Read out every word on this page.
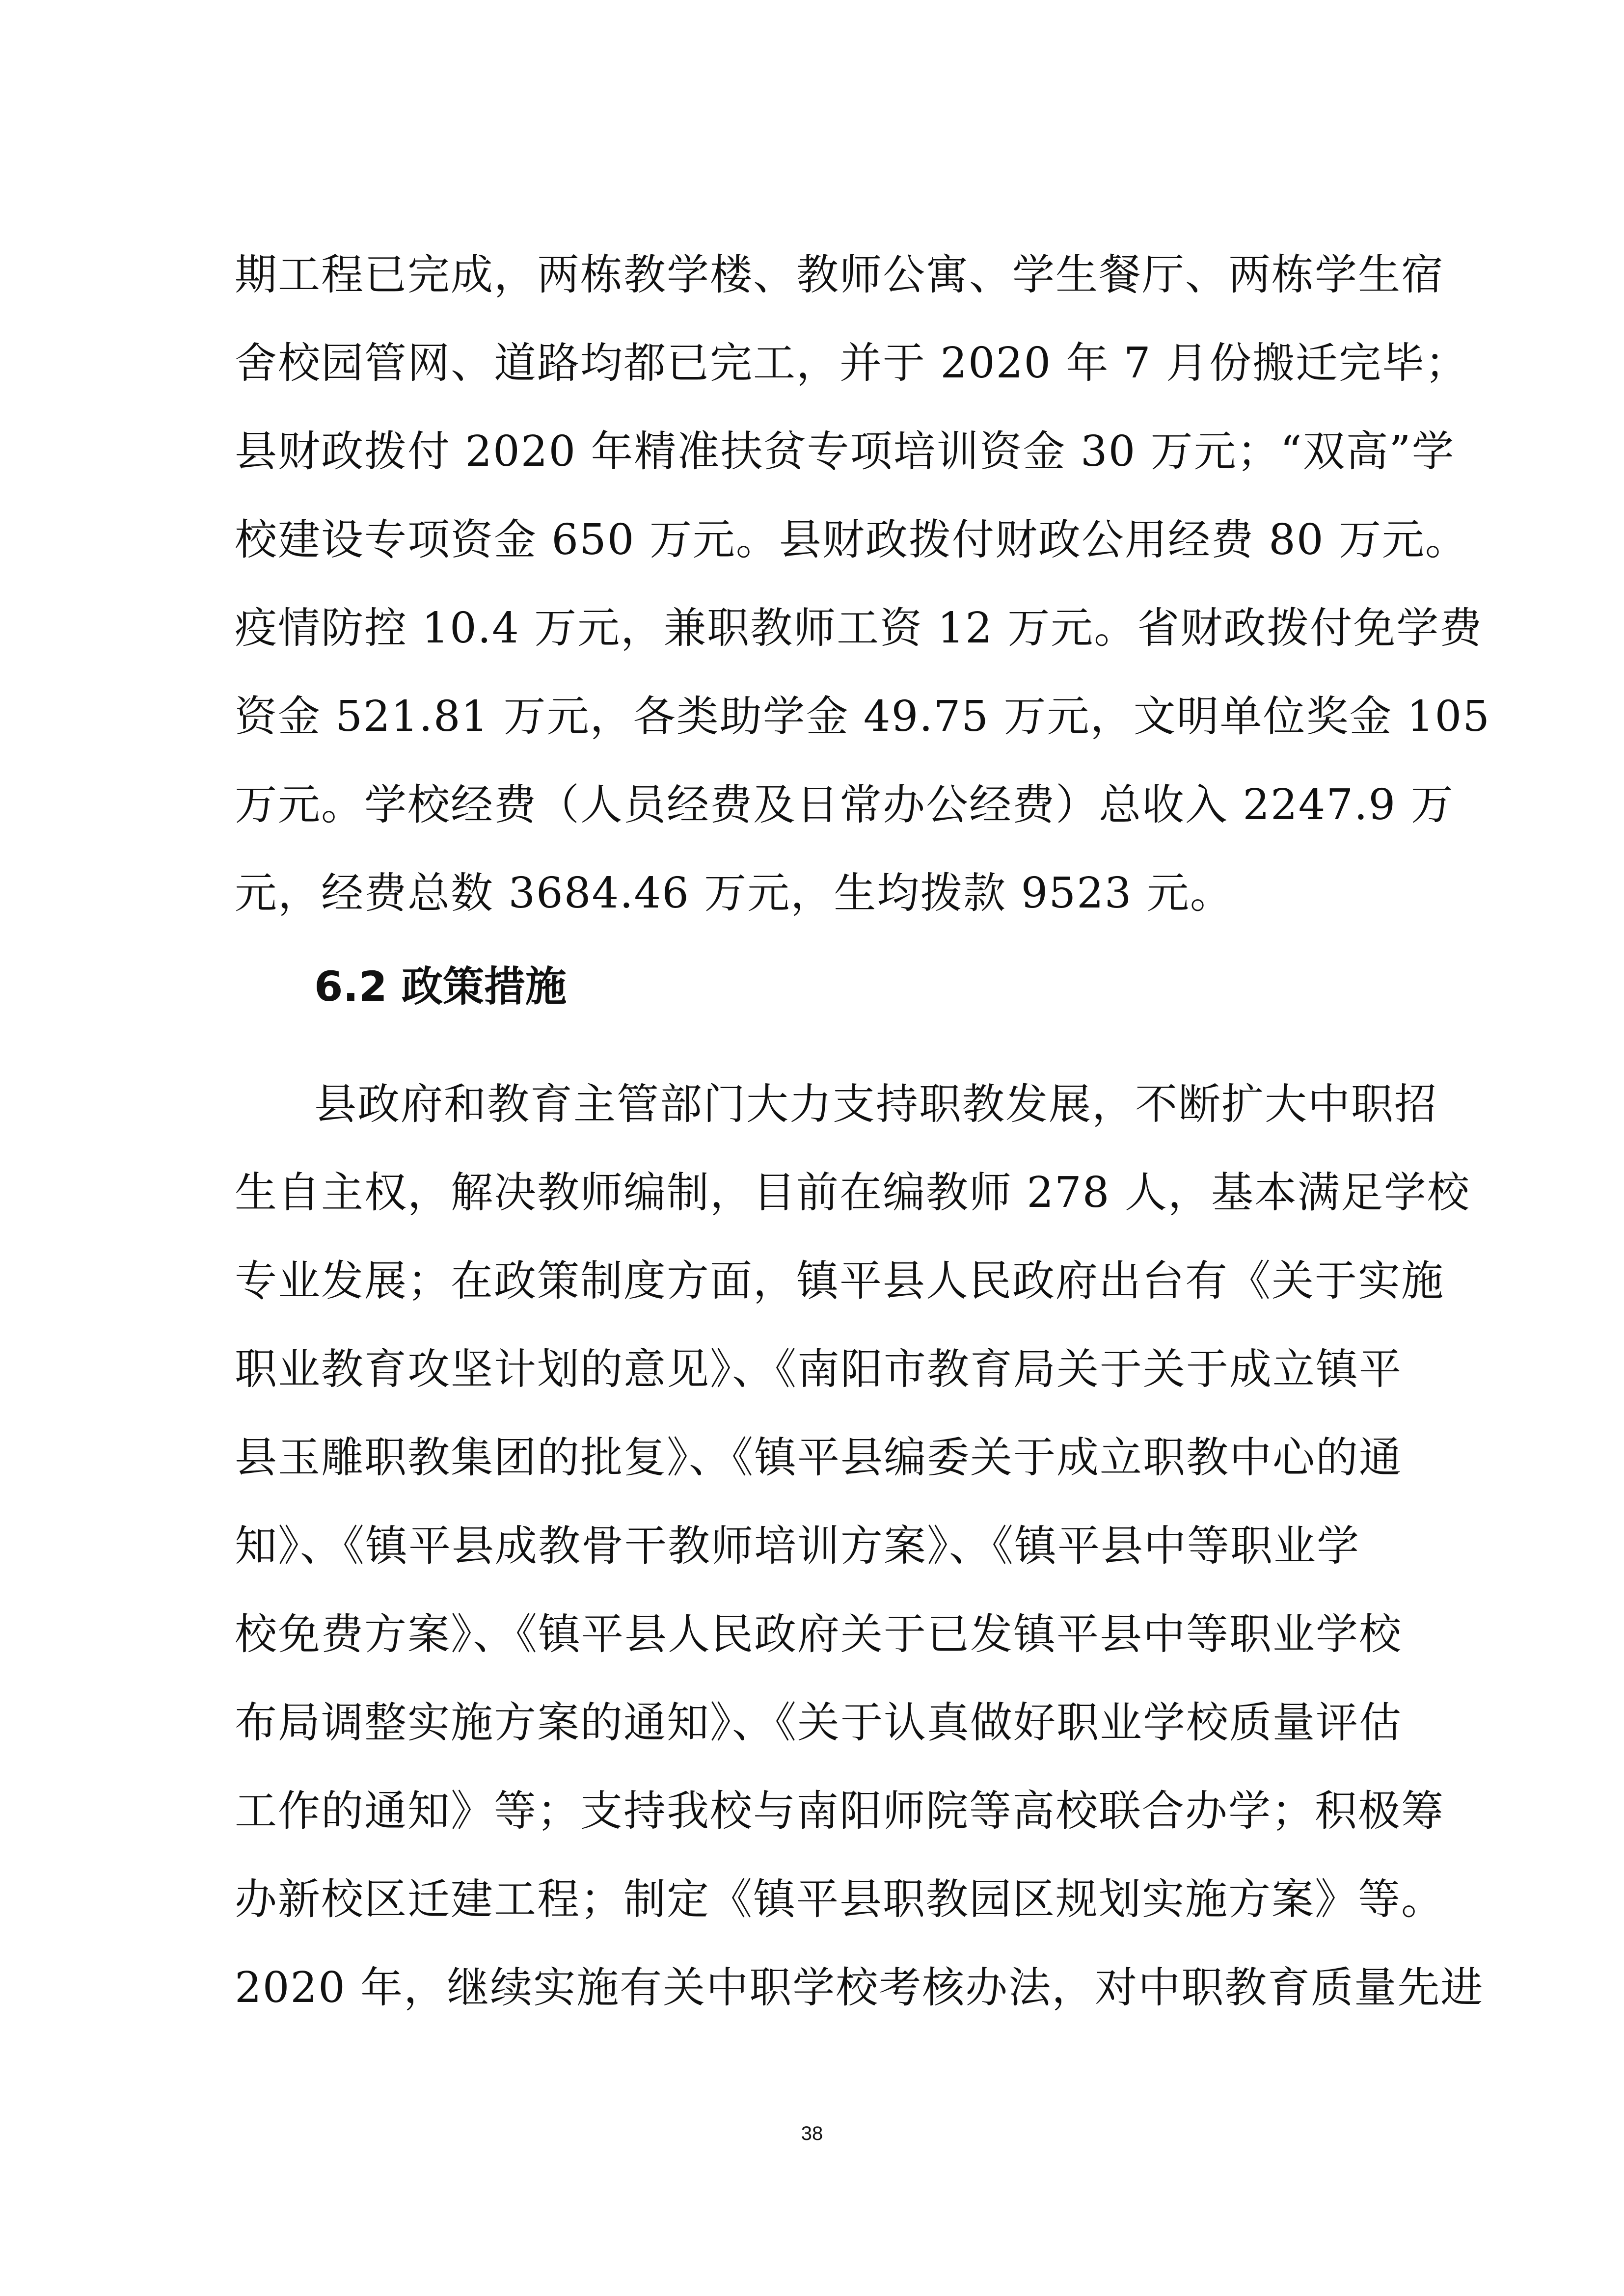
期工程已完成，两栋教学楼、教师公寓、学生餐厅、两栋学生宿
舍校园管网、道路均都已完工，并于 2020 年 7 月份搬迁完毕；
县财政拨付 2020 年精准扶贫专项培训资金 30 万元；“双高”学
校建设专项资金 650 万元。县财政拨付财政公用经费 80 万元。
疫情防控 10.4 万元，兼职教师工资 12 万元。省财政拨付免学费
资金 521.81 万元，各类助学金 49.75 万元，文明单位奖金 105
万元。学校经费（人员经费及日常办公经费）总收入 2247.9 万
元，经费总数 3684.46 万元，生均拨款 9523 元。
6.2 政策措施
县政府和教育主管部门大力支持职教发展，不断扩大中职招
生自主权，解决教师编制，目前在编教师 278 人，基本满足学校
专业发展；在政策制度方面，镇平县人民政府出台有《关于实施
职业教育攻坚计划的意见》、《南阳市教育局关于关于成立镇平
县玉雕职教集团的批复》、《镇平县编委关于成立职教中心的通
知》、《镇平县成教骨干教师培训方案》、《镇平县中等职业学
校免费方案》、《镇平县人民政府关于已发镇平县中等职业学校
布局调整实施方案的通知》、《关于认真做好职业学校质量评估
工作的通知》等；支持我校与南阳师院等高校联合办学；积极筹
办新校区迁建工程；制定《镇平县职教园区规划实施方案》等。
2020 年，继续实施有关中职学校考核办法，对中职教育质量先进
38
